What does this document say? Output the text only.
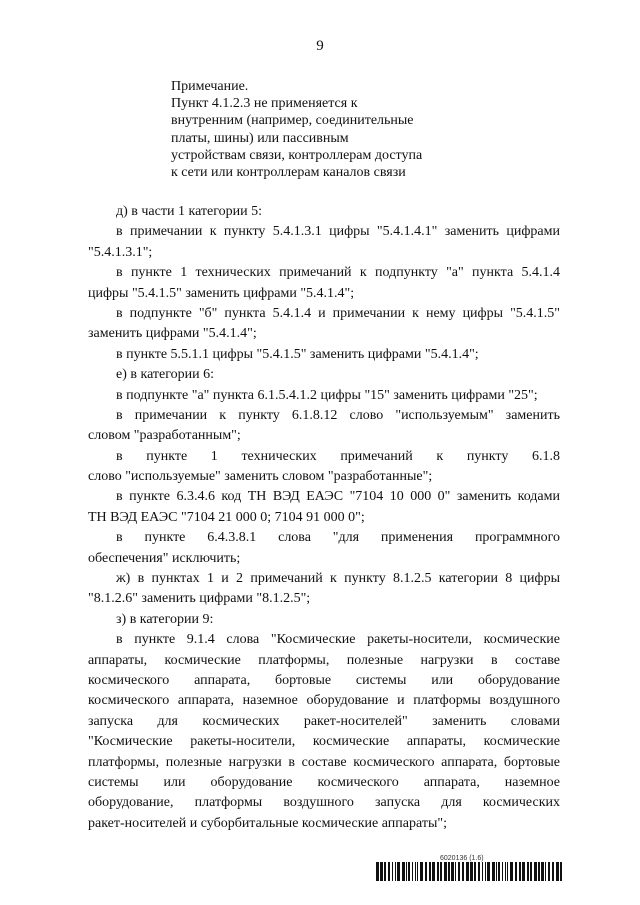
9
Примечание.
Пункт 4.1.2.3 не применяется к
внутренним (например, соединительные
платы, шины) или пассивным
устройствам связи, контроллерам доступа
к сети или контроллерам каналов связи
д) в части 1 категории 5:
в примечании к пункту 5.4.1.3.1 цифры "5.4.1.4.1" заменить цифрами
"5.4.1.3.1";
в пункте 1 технических примечаний к подпункту "а" пункта 5.4.1.4
цифры "5.4.1.5" заменить цифрами "5.4.1.4";
в подпункте "б" пункта 5.4.1.4 и примечании к нему цифры "5.4.1.5"
заменить цифрами "5.4.1.4";
в пункте 5.5.1.1 цифры "5.4.1.5" заменить цифрами "5.4.1.4";
е) в категории 6:
в подпункте "а" пункта 6.1.5.4.1.2 цифры "15" заменить цифрами "25";
в примечании к пункту 6.1.8.12 слово "используемым" заменить
словом "разработанным";
в пункте 1 технических примечаний к пункту 6.1.8
слово "используемые" заменить словом "разработанные";
в пункте 6.3.4.6 код ТН ВЭД ЕАЭС "7104 10 000 0" заменить кодами
ТН ВЭД ЕАЭС "7104 21 000 0; 7104 91 000 0";
в пункте 6.4.3.8.1 слова "для применения программного
обеспечения" исключить;
ж) в пунктах 1 и 2 примечаний к пункту 8.1.2.5 категории 8 цифры
"8.1.2.6" заменить цифрами "8.1.2.5";
з) в категории 9:
в пункте 9.1.4 слова "Космические ракеты-носители, космические
аппараты, космические платформы, полезные нагрузки в составе
космического аппарата, бортовые системы или оборудование
космического аппарата, наземное оборудование и платформы воздушного
запуска для космических ракет-носителей" заменить словами
"Космические ракеты-носители, космические аппараты, космические
платформы, полезные нагрузки в составе космического аппарата, бортовые
системы или оборудование космического аппарата, наземное
оборудование, платформы воздушного запуска для космических
ракет-носителей и суборбитальные космические аппараты";
6020136 (1.6)
